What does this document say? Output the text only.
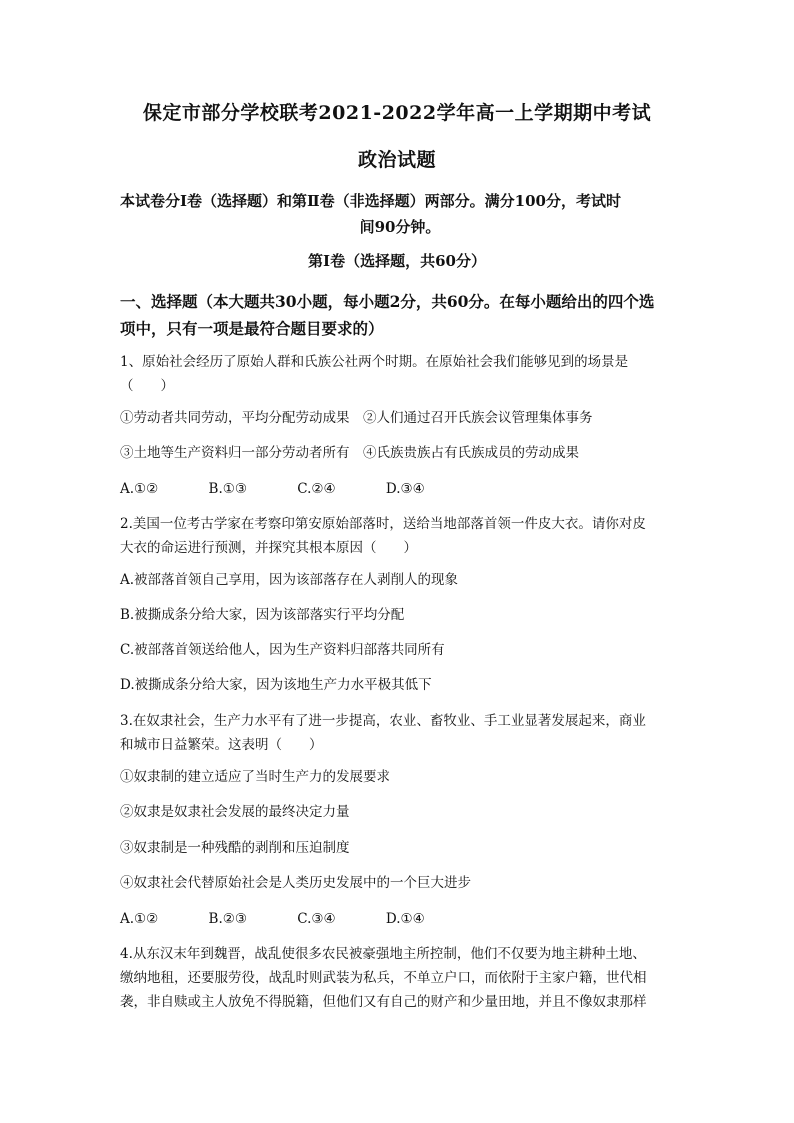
保定市部分学校联考2021-2022学年高一上学期期中考试
政治试题
本试卷分Ⅰ卷（选择题）和第Ⅱ卷（非选择题）两部分。满分100分，考试时
间90分钟。
第Ⅰ卷（选择题，共60分）
一、选择题（本大题共30小题，每小题2分，共60分。在每小题给出的四个选
项中，只有一项是最符合题目要求的）
1、原始社会经历了原始人群和氏族公社两个时期。在原始社会我们能够见到的场景是
（　　）
①劳动者共同劳动，平均分配劳动成果　②人们通过召开氏族会议管理集体事务
③土地等生产资料归一部分劳动者所有　④氏族贵族占有氏族成员的劳动成果
A.①②	B.①③	C.②④	D.③④
2.美国一位考古学家在考察印第安原始部落时，送给当地部落首领一件皮大衣。请你对皮
大衣的命运进行预测，并探究其根本原因（　　）
A.被部落首领自己享用，因为该部落存在人剥削人的现象
B.被撕成条分给大家，因为该部落实行平均分配
C.被部落首领送给他人，因为生产资料归部落共同所有
D.被撕成条分给大家，因为该地生产力水平极其低下
3.在奴隶社会，生产力水平有了进一步提高，农业、畜牧业、手工业显著发展起来，商业
和城市日益繁荣。这表明（　　）
①奴隶制的建立适应了当时生产力的发展要求
②奴隶是奴隶社会发展的最终决定力量
③奴隶制是一种残酷的剥削和压迫制度
④奴隶社会代替原始社会是人类历史发展中的一个巨大进步
A.①②	B.②③	C.③④	D.①④
4.从东汉末年到魏晋，战乱使很多农民被豪强地主所控制，他们不仅要为地主耕种土地、
缴纳地租，还要服劳役，战乱时则武装为私兵，不单立户口，而依附于主家户籍，世代相
袭，非自赎或主人放免不得脱籍，但他们又有自己的财产和少量田地，并且不像奴隶那样
